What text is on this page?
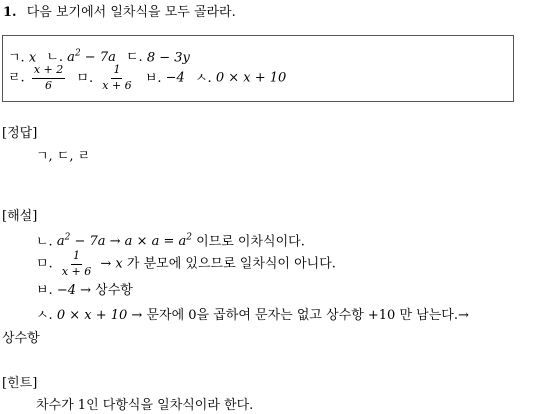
1. 다음 보기에서 일차식을 모두 골라라.
ㄱ. x ㄴ. $a^2 - 7a$ ㄷ. 8 − 3y
ㄹ. $\frac{x + 2}{6}$ ㅁ. $\frac{1}{x + 6}$ ㅂ. −4 ㅅ. 0 × x + 10
[정답]
ㄱ, ㄷ, ㄹ
[해설]
ㄴ. $a^2 - 7a \to a \times a = a^2$ 이므로 이차식이다.
ㅁ. $\frac{1}{x + 6} \to x$ 가 분모에 있으므로 일차식이 아니다.
ㅂ. −4 → 상수항
ㅅ. 0 × x + 10 → 문자에 0을 곱하여 문자는 없고 상수항 +10 만 남는다.→
상수항
[힌트]
차수가 1인 다항식을 일차식이라 한다.
